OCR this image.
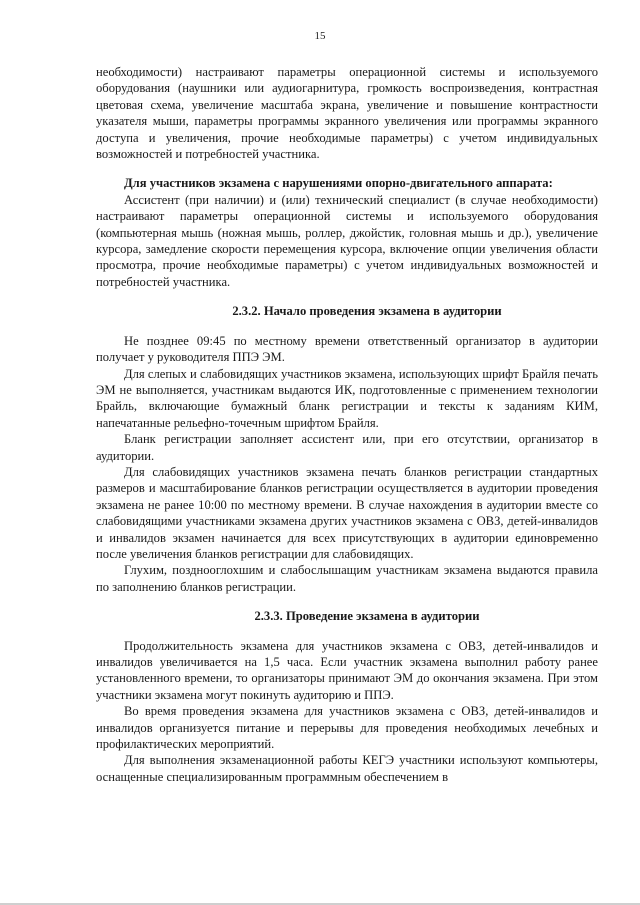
15

необходимости) настраивают параметры операционной системы и используемого оборудования (наушники или аудиогарнитура, громкость воспроизведения, контрастная цветовая схема, увеличение масштаба экрана, увеличение и повышение контрастности указателя мыши, параметры программы экранного увеличения или программы экранного доступа и увеличения, прочие необходимые параметры) с учетом индивидуальных возможностей и потребностей участника.

Для участников экзамена с нарушениями опорно-двигательного аппарата:

Ассистент (при наличии) и (или) технический специалист (в случае необходимости) настраивают параметры операционной системы и используемого оборудования (компьютерная мышь (ножная мышь, роллер, джойстик, головная мышь и др.), увеличение курсора, замедление скорости перемещения курсора, включение опции увеличения области просмотра, прочие необходимые параметры) с учетом индивидуальных возможностей и потребностей участника.

2.3.2. Начало проведения экзамена в аудитории

Не позднее 09:45 по местному времени ответственный организатор в аудитории получает у руководителя ППЭ ЭМ.

Для слепых и слабовидящих участников экзамена, использующих шрифт Брайля печать ЭМ не выполняется, участникам выдаются ИК, подготовленные с применением технологии Брайль, включающие бумажный бланк регистрации и тексты к заданиям КИМ, напечатанные рельефно-точечным шрифтом Брайля.

Бланк регистрации заполняет ассистент или, при его отсутствии, организатор в аудитории.

Для слабовидящих участников экзамена печать бланков регистрации стандартных размеров и масштабирование бланков регистрации осуществляется в аудитории проведения экзамена не ранее 10:00 по местному времени. В случае нахождения в аудитории вместе со слабовидящими участниками экзамена других участников экзамена с ОВЗ, детей-инвалидов и инвалидов экзамен начинается для всех присутствующих в аудитории единовременно после увеличения бланков регистрации для слабовидящих.

Глухим, позднооглохшим и слабослышащим участникам экзамена выдаются правила по заполнению бланков регистрации.

2.3.3. Проведение экзамена в аудитории

Продолжительность экзамена для участников экзамена с ОВЗ, детей-инвалидов и инвалидов увеличивается на 1,5 часа. Если участник экзамена выполнил работу ранее установленного времени, то организаторы принимают ЭМ до окончания экзамена. При этом участники экзамена могут покинуть аудиторию и ППЭ.

Во время проведения экзамена для участников экзамена с ОВЗ, детей-инвалидов и инвалидов организуется питание и перерывы для проведения необходимых лечебных и профилактических мероприятий.

Для выполнения экзаменационной работы КЕГЭ участники используют компьютеры, оснащенные специализированным программным обеспечением в
